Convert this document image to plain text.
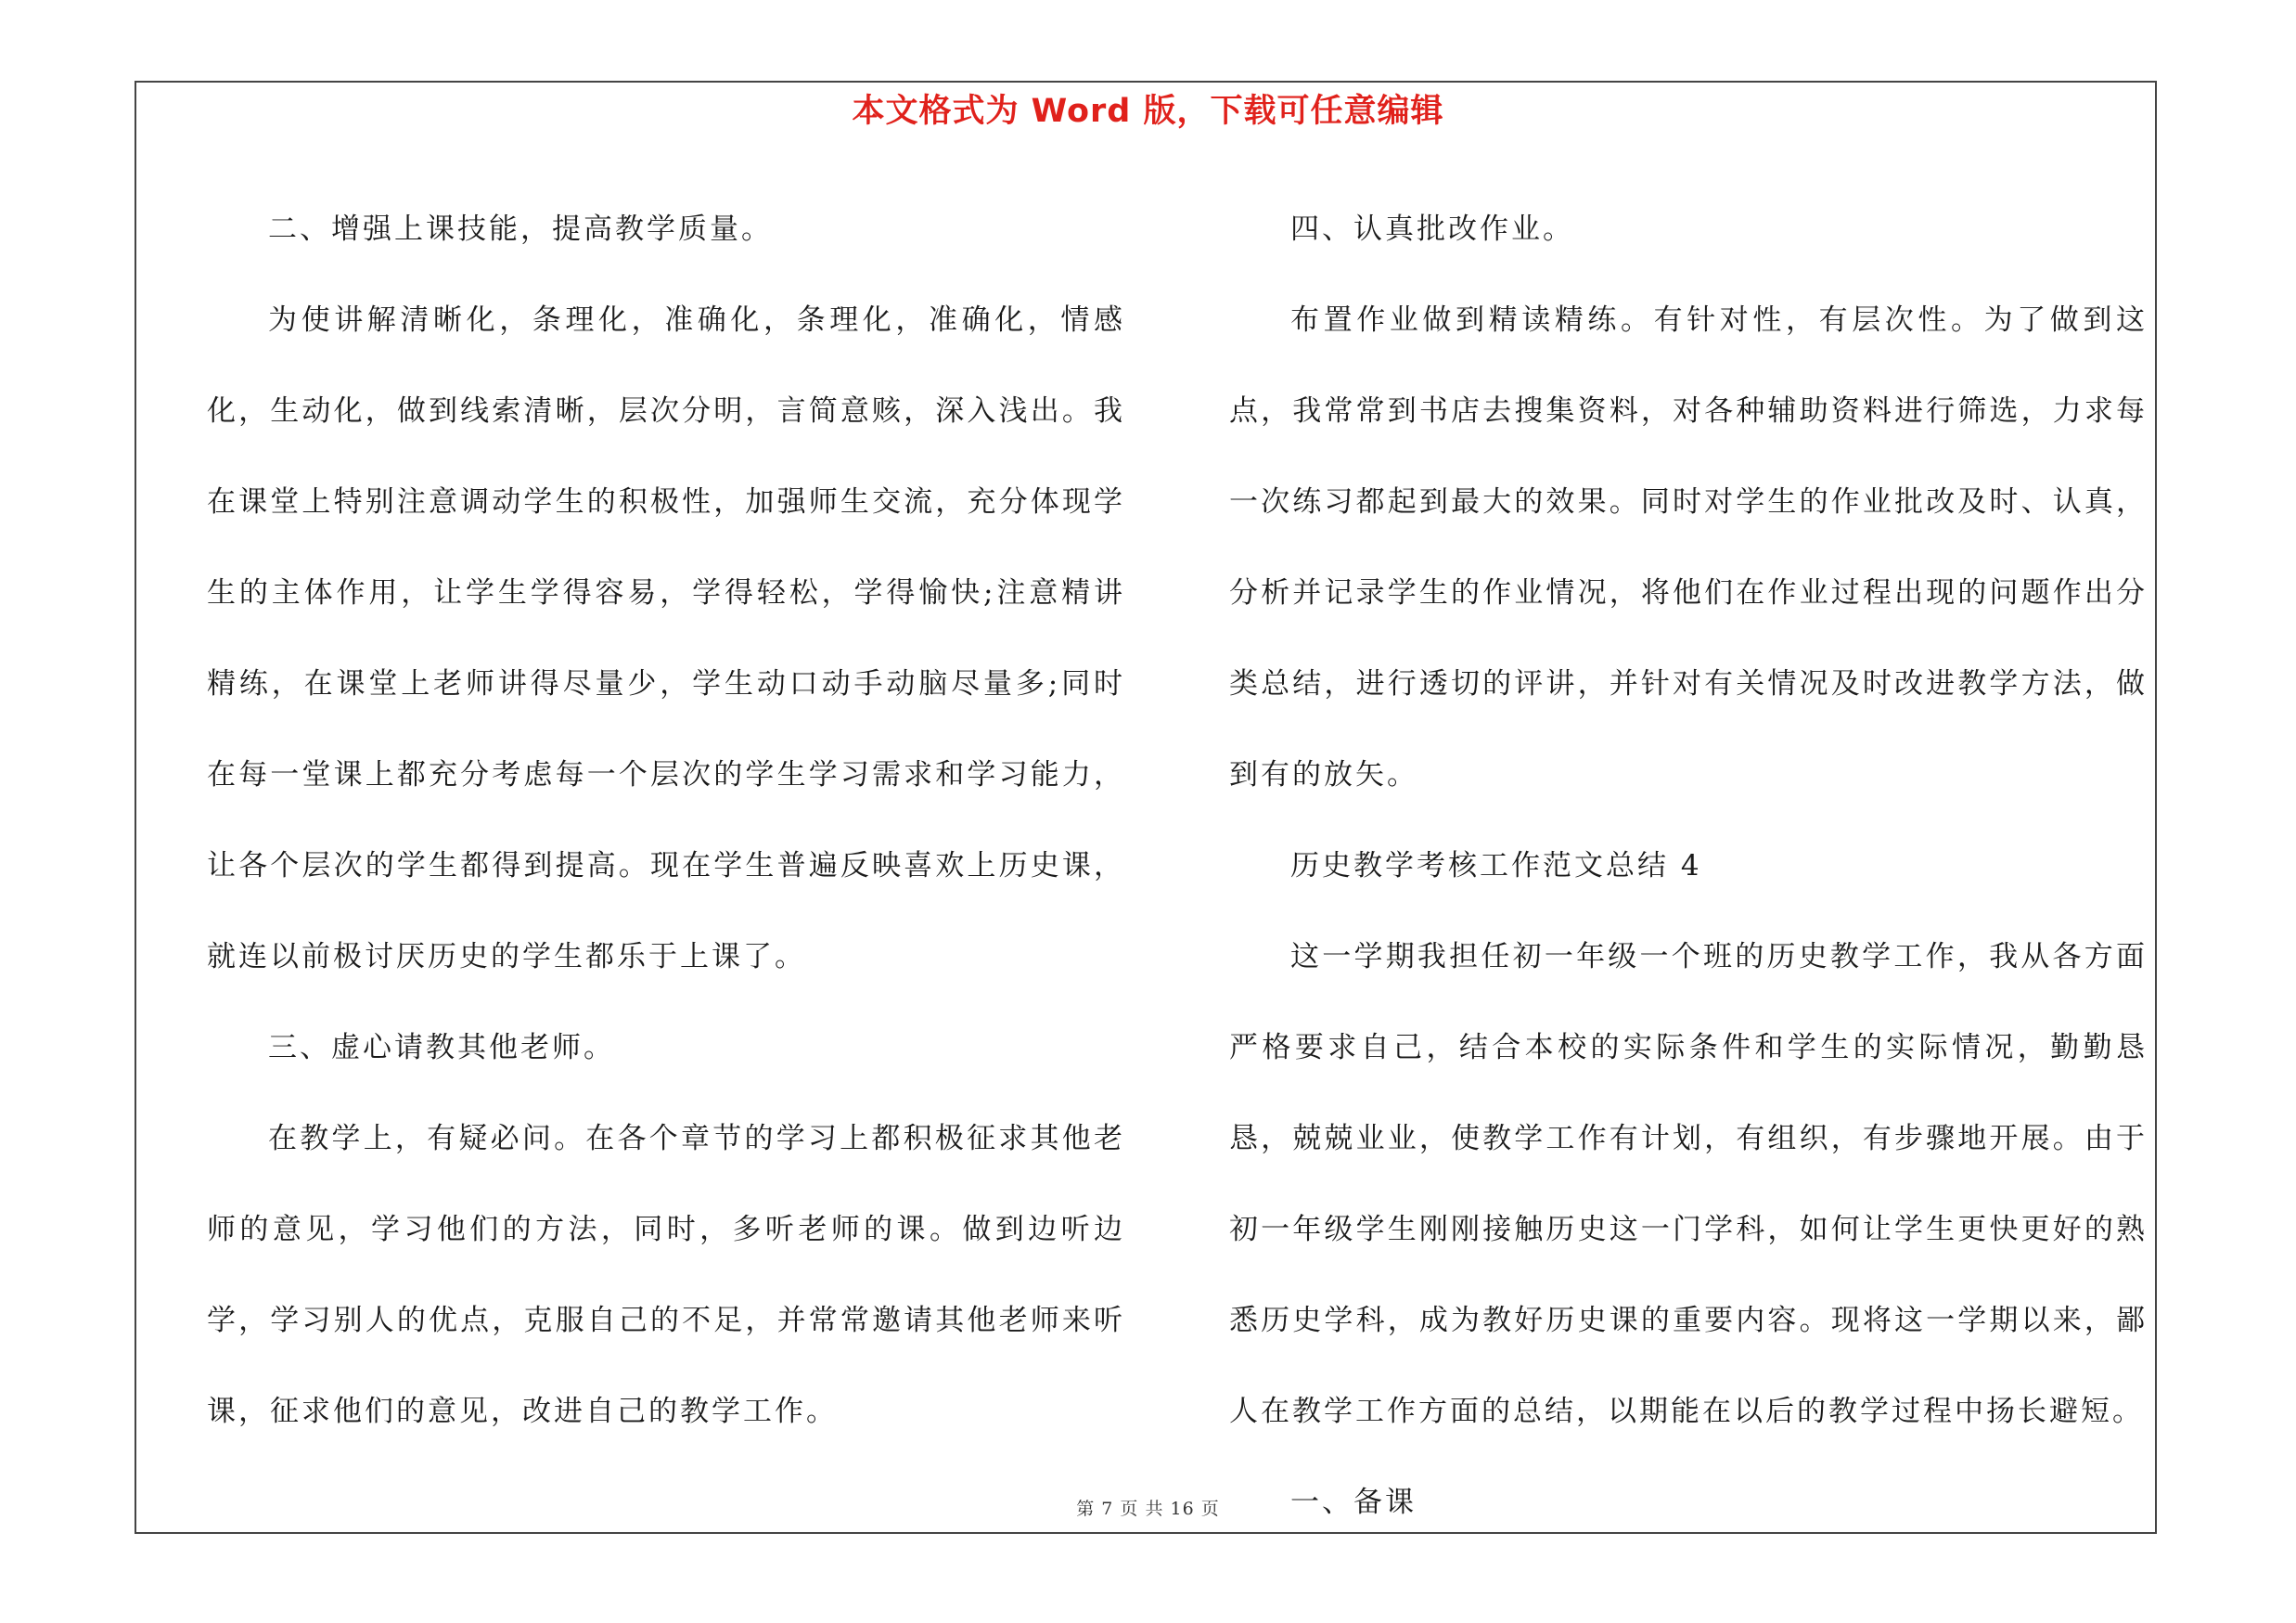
本文格式为 Word 版，下载可任意编辑

二、增强上课技能，提高教学质量。

为使讲解清晰化，条理化，准确化，条理化，准确化，情感化，生动化，做到线索清晰，层次分明，言简意赅，深入浅出。我在课堂上特别注意调动学生的积极性，加强师生交流，充分体现学生的主体作用，让学生学得容易，学得轻松，学得愉快;注意精讲精练，在课堂上老师讲得尽量少，学生动口动手动脑尽量多;同时在每一堂课上都充分考虑每一个层次的学生学习需求和学习能力，让各个层次的学生都得到提高。现在学生普遍反映喜欢上历史课，就连以前极讨厌历史的学生都乐于上课了。

三、虚心请教其他老师。

在教学上，有疑必问。在各个章节的学习上都积极征求其他老师的意见，学习他们的方法，同时，多听老师的课。做到边听边学，学习别人的优点，克服自己的不足，并常常邀请其他老师来听课，征求他们的意见，改进自己的教学工作。

四、认真批改作业。

布置作业做到精读精练。有针对性，有层次性。为了做到这点，我常常到书店去搜集资料，对各种辅助资料进行筛选，力求每一次练习都起到最大的效果。同时对学生的作业批改及时、认真，分析并记录学生的作业情况，将他们在作业过程出现的问题作出分类总结，进行透切的评讲，并针对有关情况及时改进教学方法，做到有的放矢。

历史教学考核工作范文总结 4

这一学期我担任初一年级一个班的历史教学工作，我从各方面严格要求自己，结合本校的实际条件和学生的实际情况，勤勤恳恳，兢兢业业，使教学工作有计划，有组织，有步骤地开展。由于初一年级学生刚刚接触历史这一门学科，如何让学生更快更好的熟悉历史学科，成为教好历史课的重要内容。现将这一学期以来，鄙人在教学工作方面的总结，以期能在以后的教学过程中扬长避短。

一、备课

第 7 页 共 16 页
